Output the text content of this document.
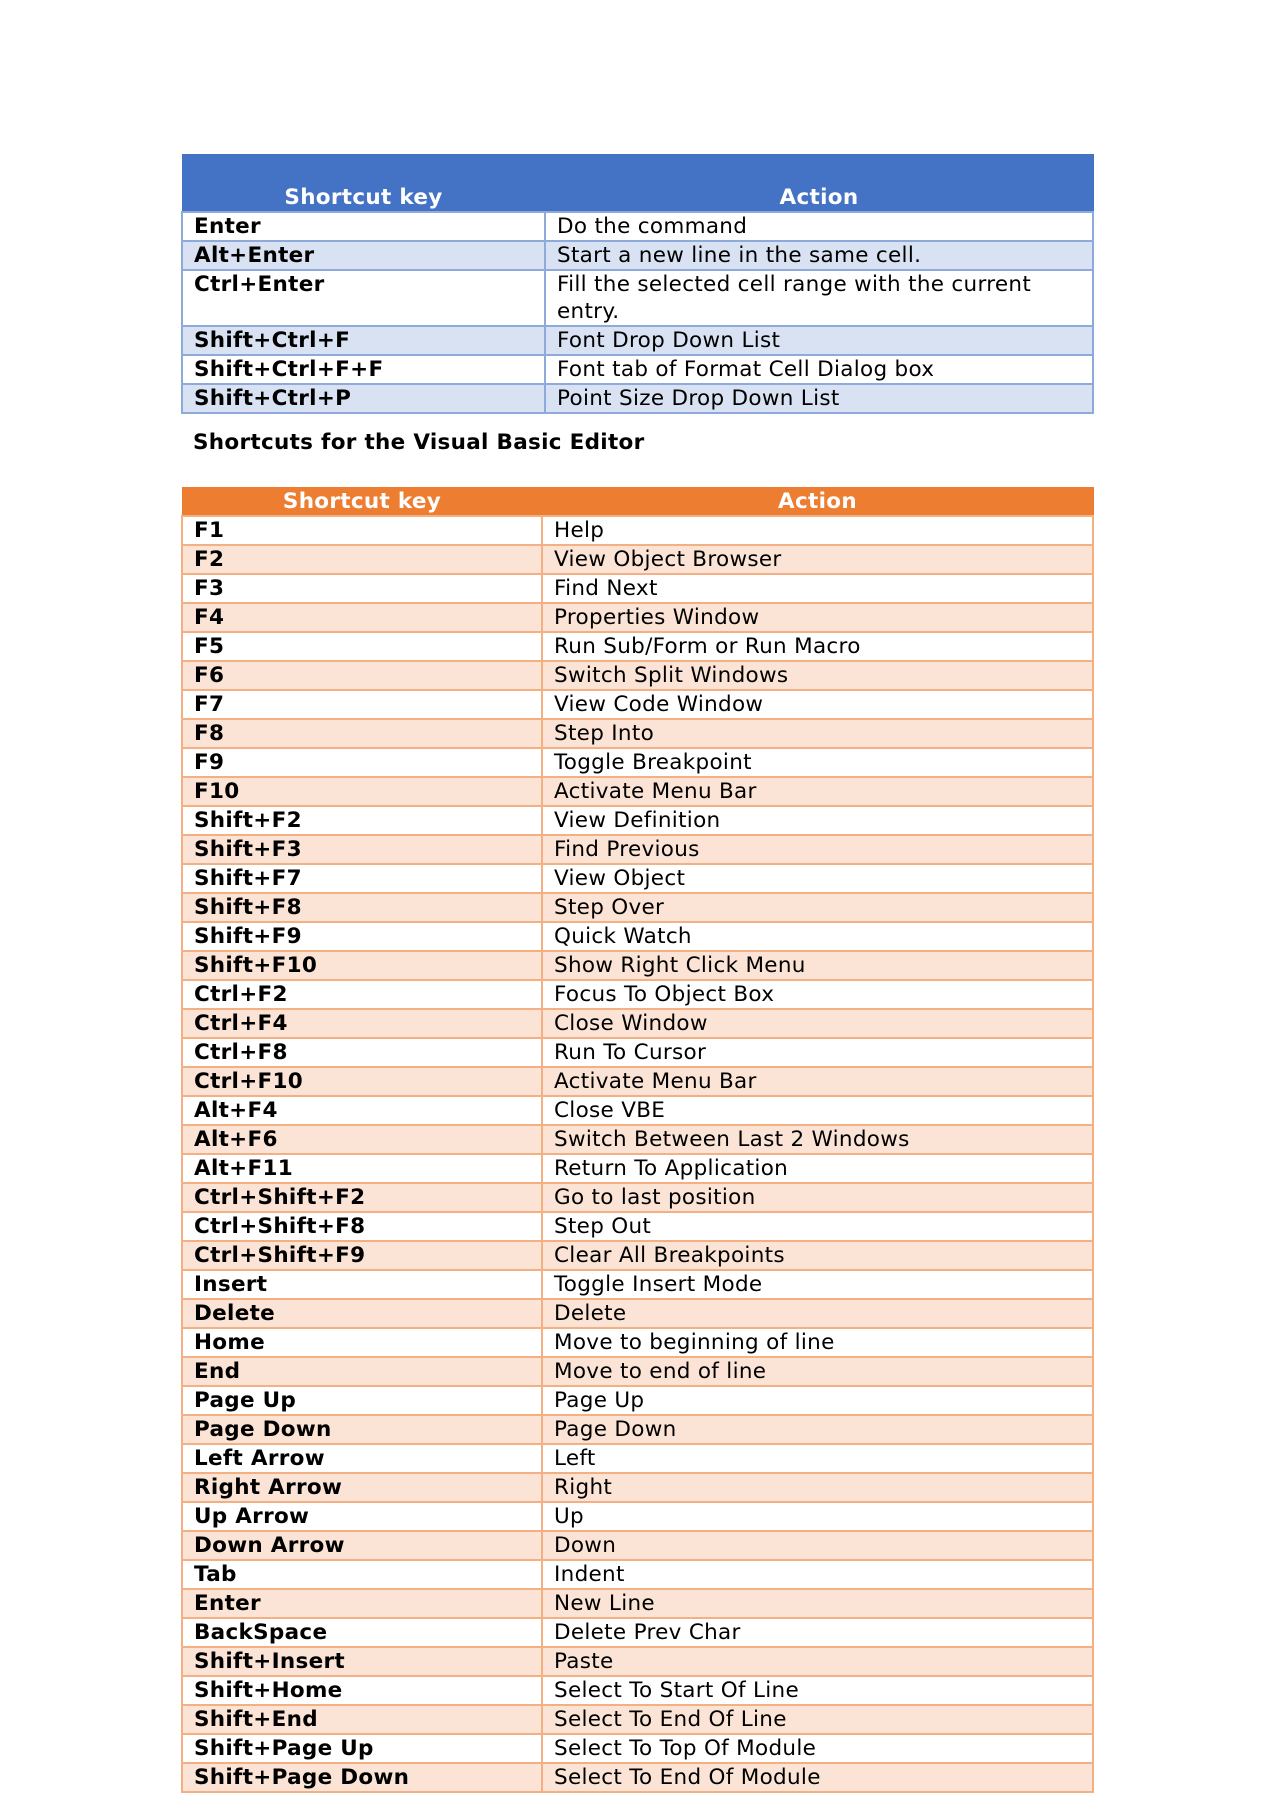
Shortcut key	Action
Enter	Do the command
Alt+Enter	Start a new line in the same cell.
Ctrl+Enter	Fill the selected cell range with the current entry.
Shift+Ctrl+F	Font Drop Down List
Shift+Ctrl+F+F	Font tab of Format Cell Dialog box
Shift+Ctrl+P	Point Size Drop Down List

Shortcuts for the Visual Basic Editor

Shortcut key	Action
F1	Help
F2	View Object Browser
F3	Find Next
F4	Properties Window
F5	Run Sub/Form or Run Macro
F6	Switch Split Windows
F7	View Code Window
F8	Step Into
F9	Toggle Breakpoint
F10	Activate Menu Bar
Shift+F2	View Definition
Shift+F3	Find Previous
Shift+F7	View Object
Shift+F8	Step Over
Shift+F9	Quick Watch
Shift+F10	Show Right Click Menu
Ctrl+F2	Focus To Object Box
Ctrl+F4	Close Window
Ctrl+F8	Run To Cursor
Ctrl+F10	Activate Menu Bar
Alt+F4	Close VBE
Alt+F6	Switch Between Last 2 Windows
Alt+F11	Return To Application
Ctrl+Shift+F2	Go to last position
Ctrl+Shift+F8	Step Out
Ctrl+Shift+F9	Clear All Breakpoints
Insert	Toggle Insert Mode
Delete	Delete
Home	Move to beginning of line
End	Move to end of line
Page Up	Page Up
Page Down	Page Down
Left Arrow	Left
Right Arrow	Right
Up Arrow	Up
Down Arrow	Down
Tab	Indent
Enter	New Line
BackSpace	Delete Prev Char
Shift+Insert	Paste
Shift+Home	Select To Start Of Line
Shift+End	Select To End Of Line
Shift+Page Up	Select To Top Of Module
Shift+Page Down	Select To End Of Module
